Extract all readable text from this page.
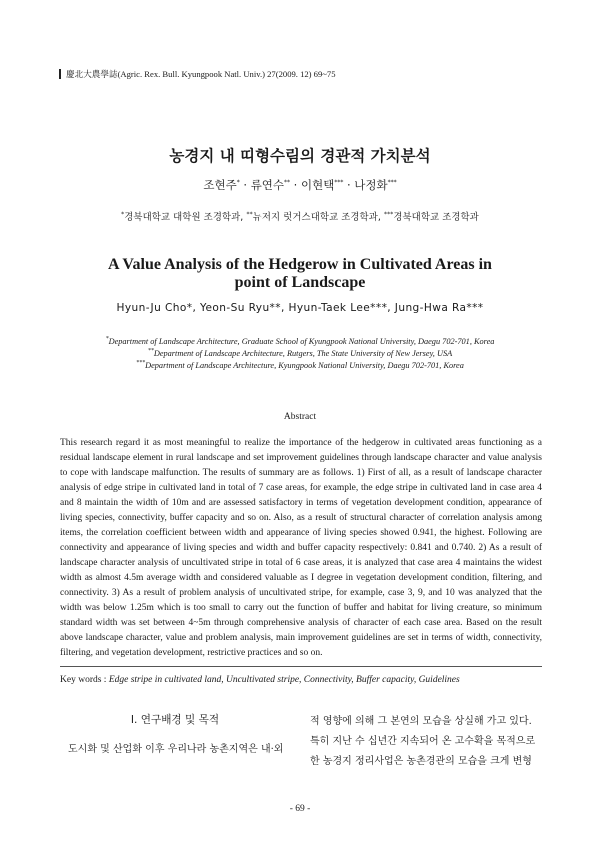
慶北大農學誌(Agric. Rex. Bull. Kyungpook Natl. Univ.) 27(2009. 12) 69~75
농경지 내 띠형수림의 경관적 가치분석
조현주* · 류연수** · 이현택*** · 나정화***
*경북대학교 대학원 조경학과, **뉴저지 럿거스대학교 조경학과, ***경북대학교 조경학과
A Value Analysis of the Hedgerow in Cultivated Areas in
point of Landscape
Hyun-Ju Cho*, Yeon-Su Ryu**, Hyun-Taek Lee***, Jung-Hwa Ra***
*Department of Landscape Architecture, Graduate School of Kyungpook National University, Daegu 702-701, Korea
**Department of Landscape Architecture, Rutgers, The State University of New Jersey, USA
***Department of Landscape Architecture, Kyungpook National University, Daegu 702-701, Korea
Abstract

This research regard it as most meaningful to realize the importance of the hedgerow in cultivated areas functioning as a residual landscape element in rural landscape and set improvement guidelines through landscape character and value analysis to cope with landscape malfunction. The results of summary are as follows. 1) First of all, as a result of landscape character analysis of edge stripe in cultivated land in total of 7 case areas, for example, the edge stripe in cultivated land in case area 4 and 8 maintain the width of 10m and are assessed satisfactory in terms of vegetation development condition, appearance of living species, connectivity, buffer capacity and so on. Also, as a result of structural character of correlation analysis among items, the correlation coefficient between width and appearance of living species showed 0.941, the highest. Following are connectivity and appearance of living species and width and buffer capacity respectively: 0.841 and 0.740. 2) As a result of landscape character analysis of uncultivated stripe in total of 6 case areas, it is analyzed that case area 4 maintains the widest width as almost 4.5m average width and considered valuable as I degree in vegetation development condition, filtering, and connectivity. 3) As a result of problem analysis of uncultivated stripe, for example, case 3, 9, and 10 was analyzed that the width was below 1.25m which is too small to carry out the function of buffer and habitat for living creature, so minimum standard width was set between 4~5m through comprehensive analysis of character of each case area. Based on the result above landscape character, value and problem analysis, main improvement guidelines are set in terms of width, connectivity, filtering, and vegetation development, restrictive practices and so on.

Key words : Edge stripe in cultivated land, Uncultivated stripe, Connectivity, Buffer capacity, Guidelines
Ⅰ. 연구배경 및 목적

도시화 및 산업화 이후 우리나라 농촌지역은 내·외

적 영향에 의해 그 본연의 모습을 상실해 가고 있다.
특히 지난 수 십년간 지속되어 온 고수확을 목적으로
한 농경지 정리사업은 농촌경관의 모습을 크게 변형
- 69 -
